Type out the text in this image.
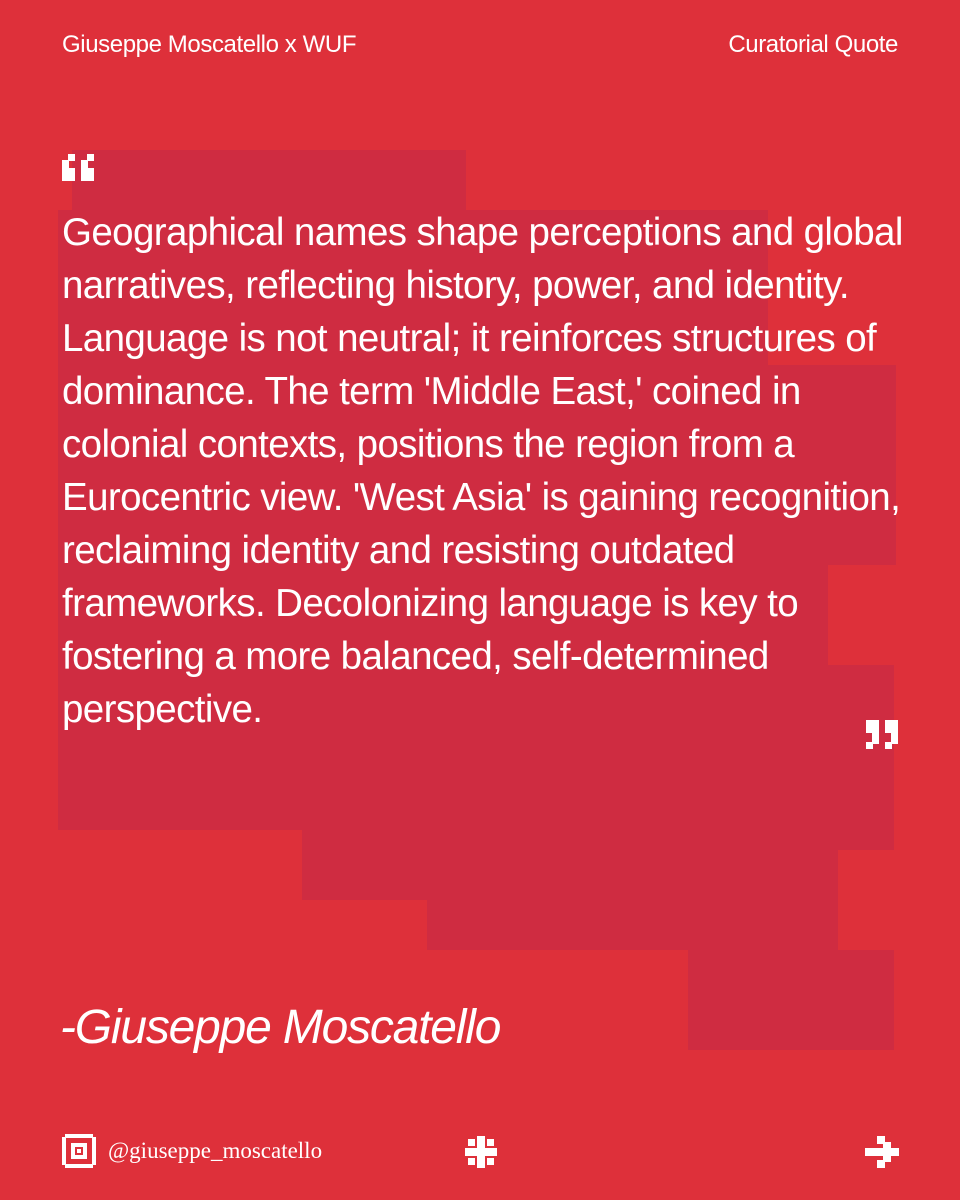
Giuseppe Moscatello x WUF	Curatorial Quote

Geographical names shape perceptions and global narratives, reflecting history, power, and identity. Language is not neutral; it reinforces structures of dominance. The term 'Middle East,' coined in colonial contexts, positions the region from a Eurocentric view. 'West Asia' is gaining recognition, reclaiming identity and resisting outdated frameworks. Decolonizing language is key to fostering a more balanced, self-determined perspective.

-Giuseppe Moscatello
@giuseppe_moscatello
